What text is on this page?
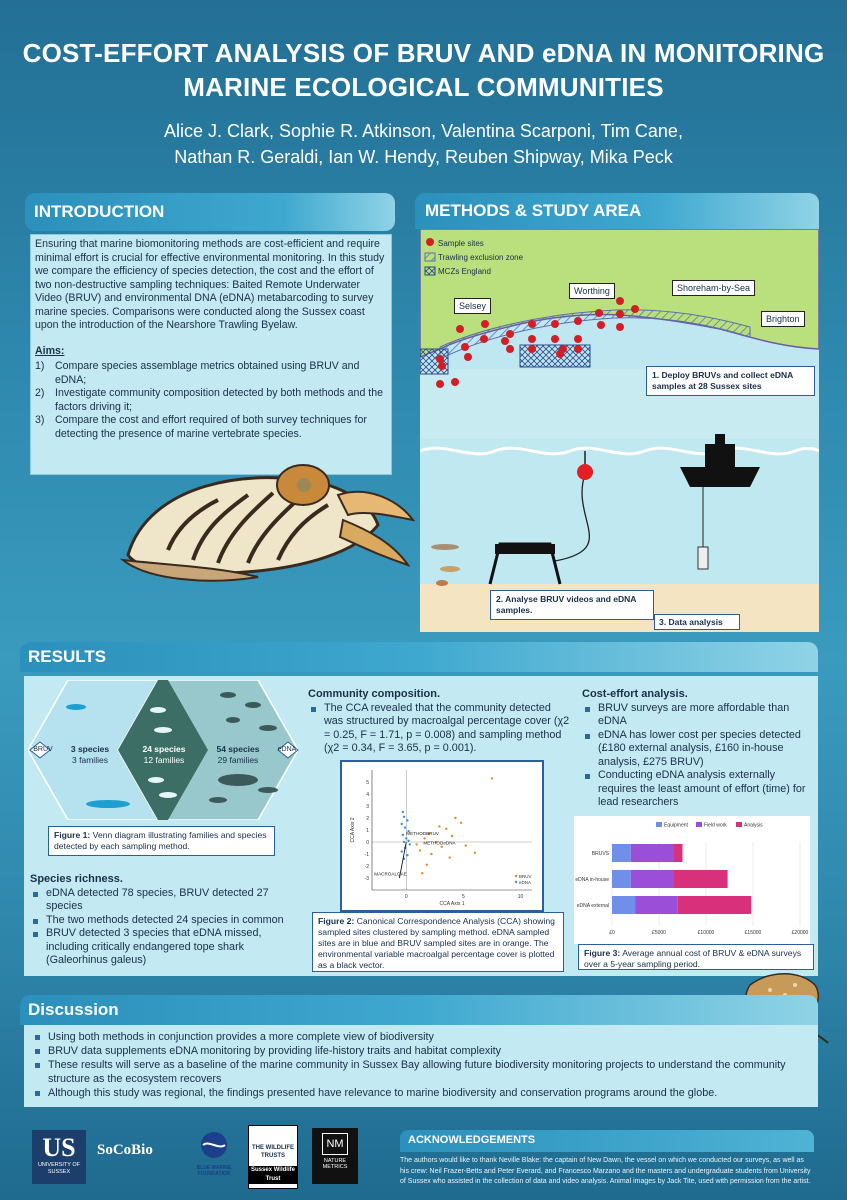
COST-EFFORT ANALYSIS OF BRUV AND eDNA IN MONITORING
MARINE ECOLOGICAL COMMUNITIES
Alice J. Clark, Sophie R. Atkinson, Valentina Scarponi, Tim Cane,
Nathan R. Geraldi, Ian W. Hendy, Reuben Shipway, Mika Peck
INTRODUCTION

Ensuring that marine biomonitoring methods are cost-efficient and require minimal effort is crucial for effective environmental monitoring. In this study we compare the efficiency of species detection, the cost and the effort of two non-destructive sampling techniques: Baited Remote Underwater Video (BRUV) and environmental DNA (eDNA) metabarcoding to survey marine species. Comparisons were conducted along the Sussex coast upon the introduction of the Nearshore Trawling Byelaw.

Aims:
1) Compare species assemblage metrics obtained using BRUV and eDNA;
2) Investigate community composition detected by both methods and the factors driving it;
3) Compare the cost and effort required of both survey techniques for detecting the presence of marine vertebrate species.
METHODS & STUDY AREA
Sample sites
Trawling exclusion zone
MCZs England
Selsey
Worthing	Shoreham-by-Sea
Brighton
1. Deploy BRUVs and collect eDNA samples at 28 Sussex sites
2. Analyse BRUV videos and eDNA samples.
3. Data analysis
RESULTS
BRUV	eDNA
3 species
3 families
24 species
12 families
54 species
29 families
Figure 1: Venn diagram illustrating families and species detected by each sampling method.
Species richness.
eDNA detected 78 species, BRUV detected 27 species
The two methods detected 24 species in common
BRUV detected 3 species that eDNA missed, including critically endangered tope shark (Galeorhinus galeus)
Community composition.
The CCA revealed that the community detected was structured by macroalgal percentage cover (χ2 = 0.25, F = 1.71, p = 0.008) and sampling method (χ2 = 0.34, F = 3.65, p = 0.001).
0	5	10
-3
-2
-1
0
1
2
3
4
5
CCA Axis 1
CCA Axis 2	METHODBRUV
METHODeDNA
MACROALGAE	BRUV
eDNA
Figure 2: Canonical Correspondence Analysis (CCA) showing sampled sites clustered by sampling method. eDNA sampled sites are in blue and BRUV sampled sites are in orange. The environmental variable macroalgal percentage cover is plotted as a black vector.
Cost-effort analysis.
BRUV surveys are more affordable than eDNA
eDNA has lower cost per species detected (£180 external analysis, £160 in-house analysis, £275 BRUV)
Conducting eDNA analysis externally requires the least amount of effort (time) for lead researchers
Equipment	Field work	Analysis
£0	£5000	£10000	£15000	£20000
BRUVS
eDNA in-house
eDNA external
Figure 3: Average annual cost of BRUV & eDNA surveys over a 5-year sampling period.
Discussion
Using both methods in conjunction provides a more complete view of biodiversity
BRUV data supplements eDNA monitoring by providing life-history traits and habitat complexity
These results will serve as a baseline of the marine community in Sussex Bay allowing future biodiversity monitoring projects to understand the community structure as the ecosystem recovers
Although this study was regional, the findings presented have relevance to marine biodiversity and conservation programs around the globe.
US
UNIVERSITY OF SUSSEX
SoCoBio
BLUE MARINE FOUNDATION
THE WILDLIFE TRUSTS
Sussex Wildlife Trust
NM
NATURE METRICS
ACKNOWLEDGEMENTS
The authors would like to thank Neville Blake: the captain of New Dawn, the vessel on which we conducted our surveys, as well as his crew: Neil Frazer-Betts and Peter Everard, and Francesco Marzano and the masters and undergraduate students from University of Sussex who assisted in the collection of data and video analysis. Animal images by Jack Tite, used with permission from the artist.
